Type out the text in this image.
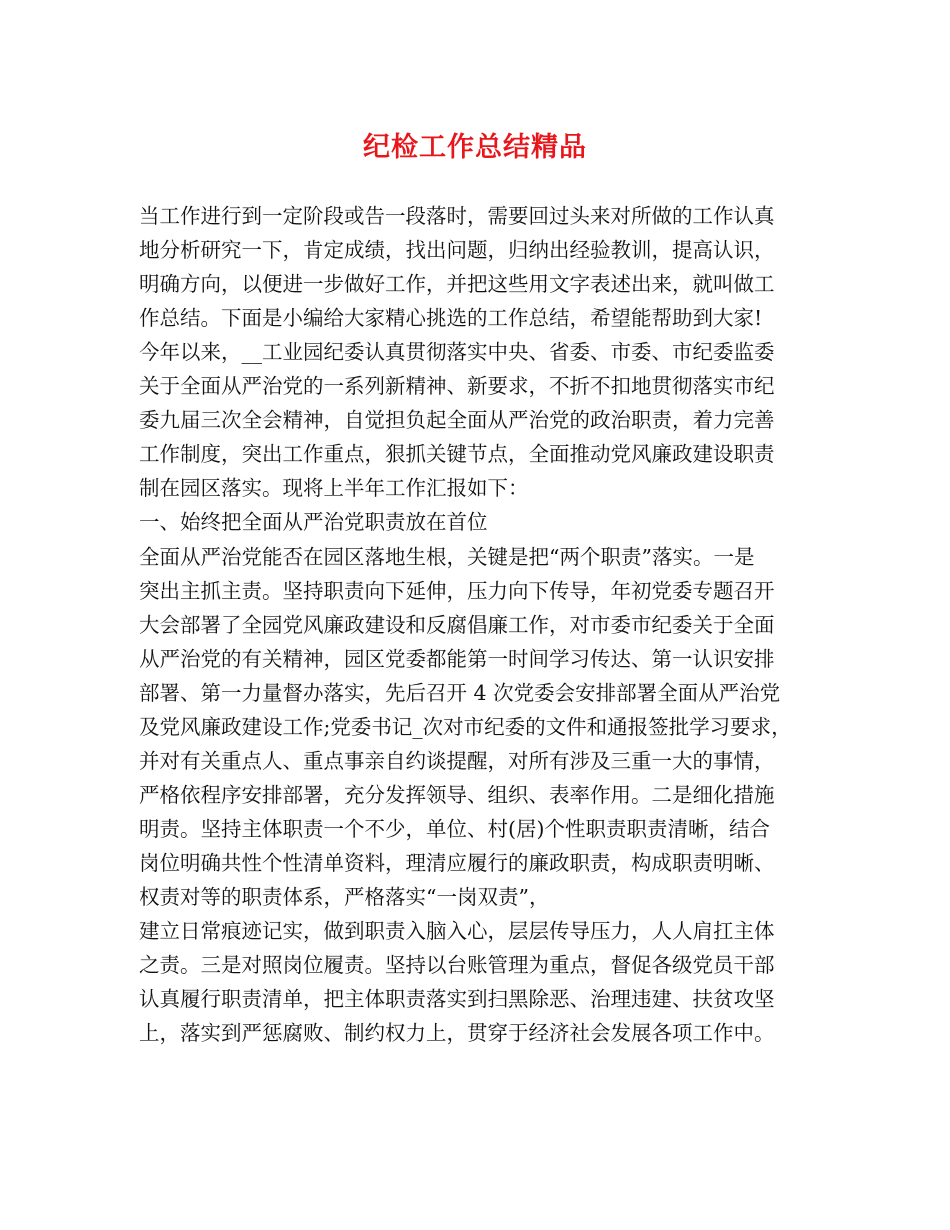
纪检工作总结精品
当工作进行到一定阶段或告一段落时，需要回过头来对所做的工作认真
地分析研究一下，肯定成绩，找出问题，归纳出经验教训，提高认识，
明确方向，以便进一步做好工作，并把这些用文字表述出来，就叫做工
作总结。下面是小编给大家精心挑选的工作总结，希望能帮助到大家!
今年以来，__工业园纪委认真贯彻落实中央、省委、市委、市纪委监委
关于全面从严治党的一系列新精神、新要求，不折不扣地贯彻落实市纪
委九届三次全会精神，自觉担负起全面从严治党的政治职责，着力完善
工作制度，突出工作重点，狠抓关键节点，全面推动党风廉政建设职责
制在园区落实。现将上半年工作汇报如下：
一、始终把全面从严治党职责放在首位
全面从严治党能否在园区落地生根，关键是把“两个职责”落实。一是
突出主抓主责。坚持职责向下延伸，压力向下传导，年初党委专题召开
大会部署了全园党风廉政建设和反腐倡廉工作，对市委市纪委关于全面
从严治党的有关精神，园区党委都能第一时间学习传达、第一认识安排
部署、第一力量督办落实，先后召开 4 次党委会安排部署全面从严治党
及党风廉政建设工作;党委书记_次对市纪委的文件和通报签批学习要求，
并对有关重点人、重点事亲自约谈提醒，对所有涉及三重一大的事情，
严格依程序安排部署，充分发挥领导、组织、表率作用。二是细化措施
明责。坚持主体职责一个不少，单位、村(居)个性职责职责清晰，结合
岗位明确共性个性清单资料，理清应履行的廉政职责，构成职责明晰、
权责对等的职责体系，严格落实“一岗双责”，
建立日常痕迹记实，做到职责入脑入心，层层传导压力，人人肩扛主体
之责。三是对照岗位履责。坚持以台账管理为重点，督促各级党员干部
认真履行职责清单，把主体职责落实到扫黑除恶、治理违建、扶贫攻坚
上，落实到严惩腐败、制约权力上，贯穿于经济社会发展各项工作中。
